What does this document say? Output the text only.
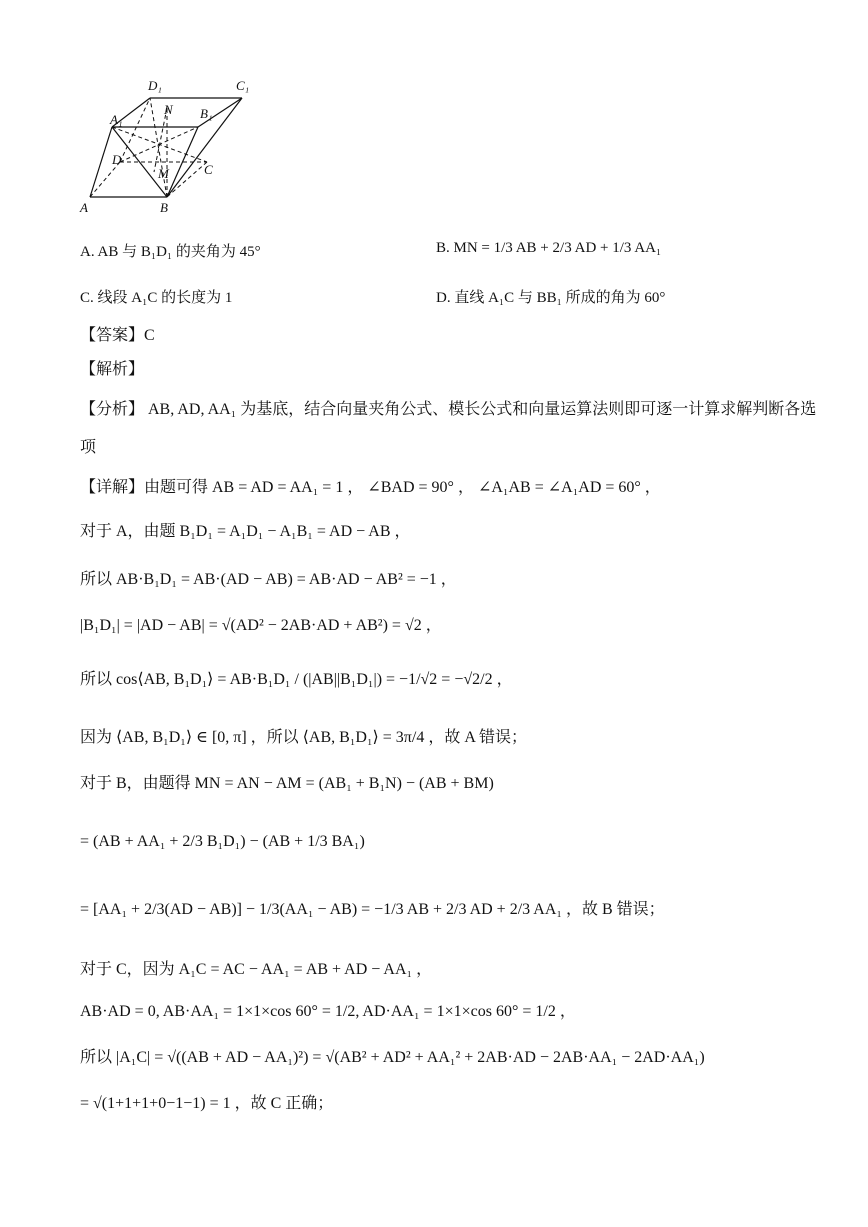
D₁	C₁
A₁	B₁
N
D
C
M
A	B
A. AB 与 B₁D₁ 的夹角为 45°	B. MN = 1/3 AB + 2/3 AD + 1/3 AA₁
C. 线段 A₁C 的长度为 1	D. 直线 A₁C 与 BB₁ 所成的角为 60°
【答案】C
【解析】
【分析】 AB, AD, AA₁ 为基底，结合向量夹角公式、模长公式和向量运算法则即可逐一计算求解判断各选
项
【详解】由题可得 AB = AD = AA₁ = 1 ， ∠BAD = 90° ， ∠A₁AB = ∠A₁AD = 60° ，
对于 A，由题 B₁D₁ = A₁D₁ − A₁B₁ = AD − AB ，
所以 AB·B₁D₁ = AB·(AD − AB) = AB·AD − AB² = −1 ，
|B₁D₁| = |AD − AB| = √(AD² − 2AB·AD + AB²) = √2 ，
所以 cos⟨AB, B₁D₁⟩ = AB·B₁D₁ / (|AB||B₁D₁|) = −1/√2 = −√2/2 ，
因为 ⟨AB, B₁D₁⟩ ∈ [0, π] ，所以 ⟨AB, B₁D₁⟩ = 3π/4 ，故 A 错误；
对于 B，由题得 MN = AN − AM = (AB₁ + B₁N) − (AB + BM)
= (AB + AA₁ + 2/3 B₁D₁) − (AB + 1/3 BA₁)
= [AA₁ + 2/3(AD − AB)] − 1/3(AA₁ − AB) = −1/3 AB + 2/3 AD + 2/3 AA₁ ，故 B 错误；
对于 C，因为 A₁C = AC − AA₁ = AB + AD − AA₁ ，
AB·AD = 0, AB·AA₁ = 1×1×cos 60° = 1/2, AD·AA₁ = 1×1×cos 60° = 1/2 ，
所以 |A₁C| = √((AB + AD − AA₁)²) = √(AB² + AD² + AA₁² + 2AB·AD − 2AB·AA₁ − 2AD·AA₁)
= √(1+1+1+0−1−1) = 1 ，故 C 正确；
